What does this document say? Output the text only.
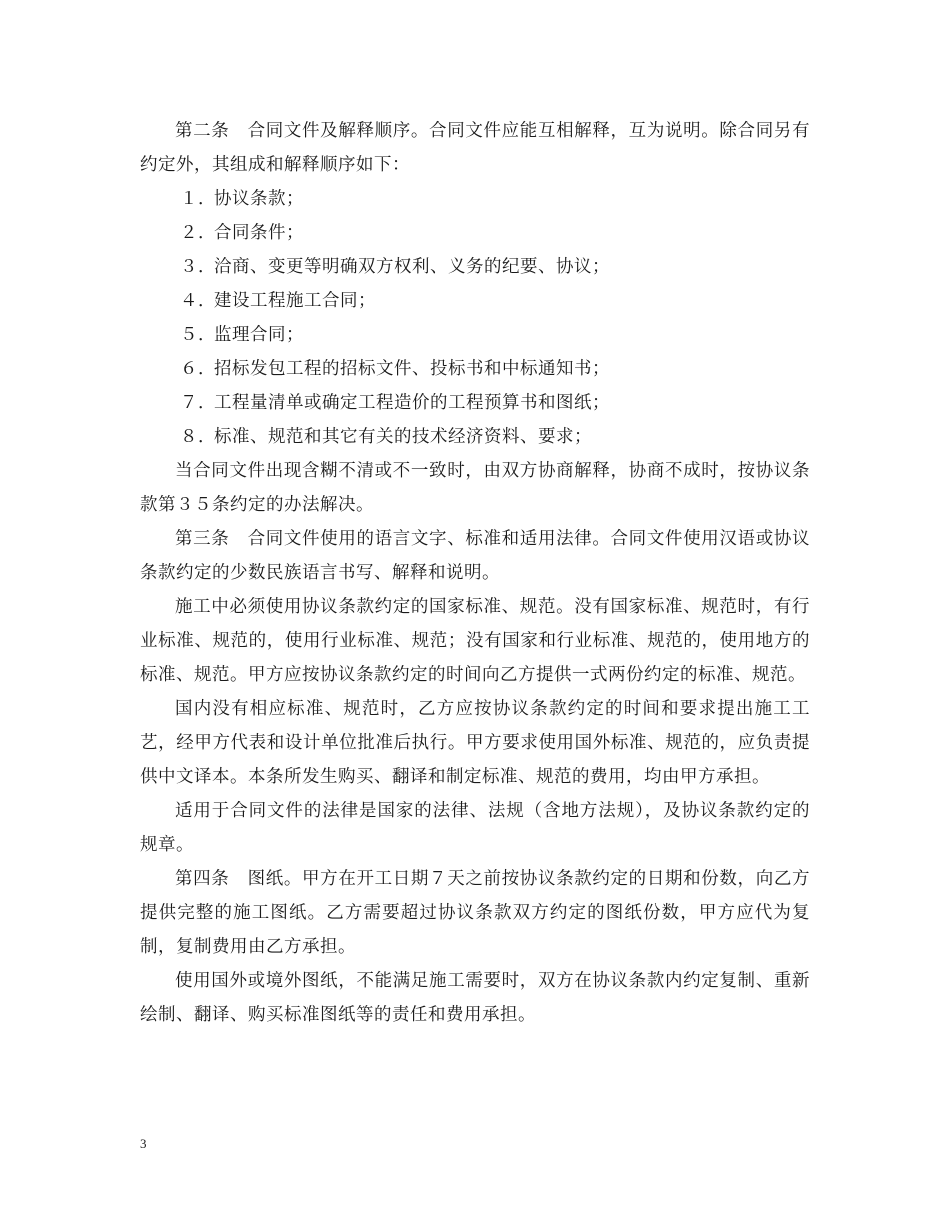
第二条　合同文件及解释顺序。合同文件应能互相解释，互为说明。除合同另有约定外，其组成和解释顺序如下：

１．协议条款；

２．合同条件；

３．洽商、变更等明确双方权利、义务的纪要、协议；

４．建设工程施工合同；

５．监理合同；

６．招标发包工程的招标文件、投标书和中标通知书；

７．工程量清单或确定工程造价的工程预算书和图纸；

８．标准、规范和其它有关的技术经济资料、要求；

当合同文件出现含糊不清或不一致时，由双方协商解释，协商不成时，按协议条款第３５条约定的办法解决。

第三条　合同文件使用的语言文字、标准和适用法律。合同文件使用汉语或协议条款约定的少数民族语言书写、解释和说明。

施工中必须使用协议条款约定的国家标准、规范。没有国家标准、规范时，有行业标准、规范的，使用行业标准、规范；没有国家和行业标准、规范的，使用地方的标准、规范。甲方应按协议条款约定的时间向乙方提供一式两份约定的标准、规范。

国内没有相应标准、规范时，乙方应按协议条款约定的时间和要求提出施工工艺，经甲方代表和设计单位批准后执行。甲方要求使用国外标准、规范的，应负责提供中文译本。本条所发生购买、翻译和制定标准、规范的费用，均由甲方承担。

适用于合同文件的法律是国家的法律、法规（含地方法规），及协议条款约定的规章。

第四条　图纸。甲方在开工日期７天之前按协议条款约定的日期和份数，向乙方提供完整的施工图纸。乙方需要超过协议条款双方约定的图纸份数，甲方应代为复制，复制费用由乙方承担。

使用国外或境外图纸，不能满足施工需要时，双方在协议条款内约定复制、重新绘制、翻译、购买标准图纸等的责任和费用承担。

3
